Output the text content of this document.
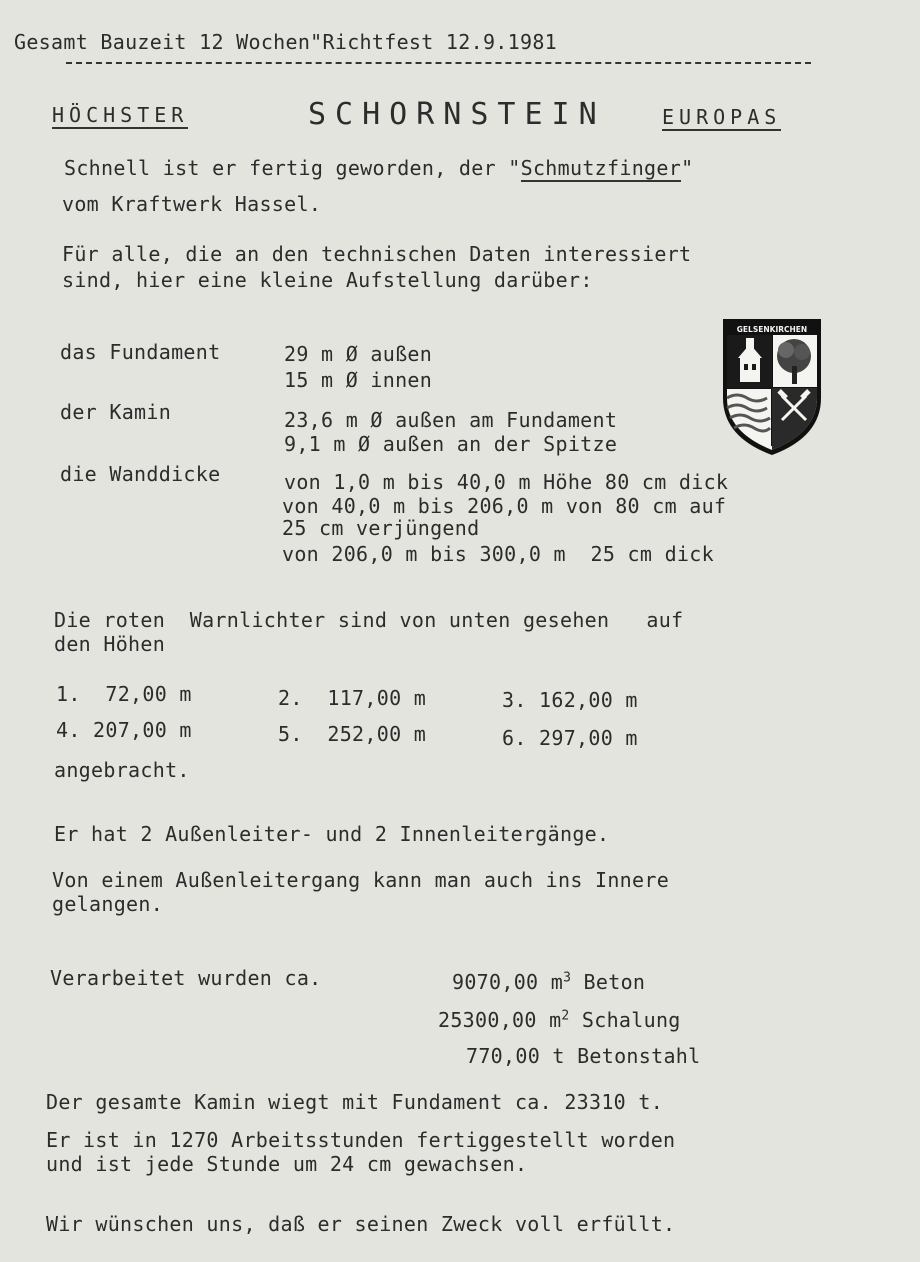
Gesamt Bauzeit 12 Wochen"Richtfest 12.9.1981
HÖCHSTER	SCHORNSTEIN	EUROPAS
Schnell ist er fertig geworden, der "Schmutzfinger"
vom Kraftwerk Hassel.
Für alle, die an den technischen Daten interessiert
sind, hier eine kleine Aufstellung darüber:
das Fundament	29 m Ø außen
15 m Ø innen
der Kamin	23,6 m Ø außen am Fundament
9,1 m Ø außen an der Spitze
die Wanddicke	von 1,0 m bis 40,0 m Höhe 80 cm dick
von 40,0 m bis 206,0 m von 80 cm auf
25 cm verjüngend
von 206,0 m bis 300,0 m  25 cm dick
GELSENKIRCHEN
Die roten  Warnlichter sind von unten gesehen   auf
den Höhen
1.  72,00 m	2.  117,00 m	3. 162,00 m
4. 207,00 m	5.  252,00 m	6. 297,00 m
angebracht.
Er hat 2 Außenleiter- und 2 Innenleitergänge.
Von einem Außenleitergang kann man auch ins Innere
gelangen.
Verarbeitet wurden ca.	9070,00 $m^3$ Beton
25300,00 $m^2$ Schalung
770,00 t Betonstahl
Der gesamte Kamin wiegt mit Fundament ca. 23310 t.
Er ist in 1270 Arbeitsstunden fertiggestellt worden
und ist jede Stunde um 24 cm gewachsen.
Wir wünschen uns, daß er seinen Zweck voll erfüllt.
